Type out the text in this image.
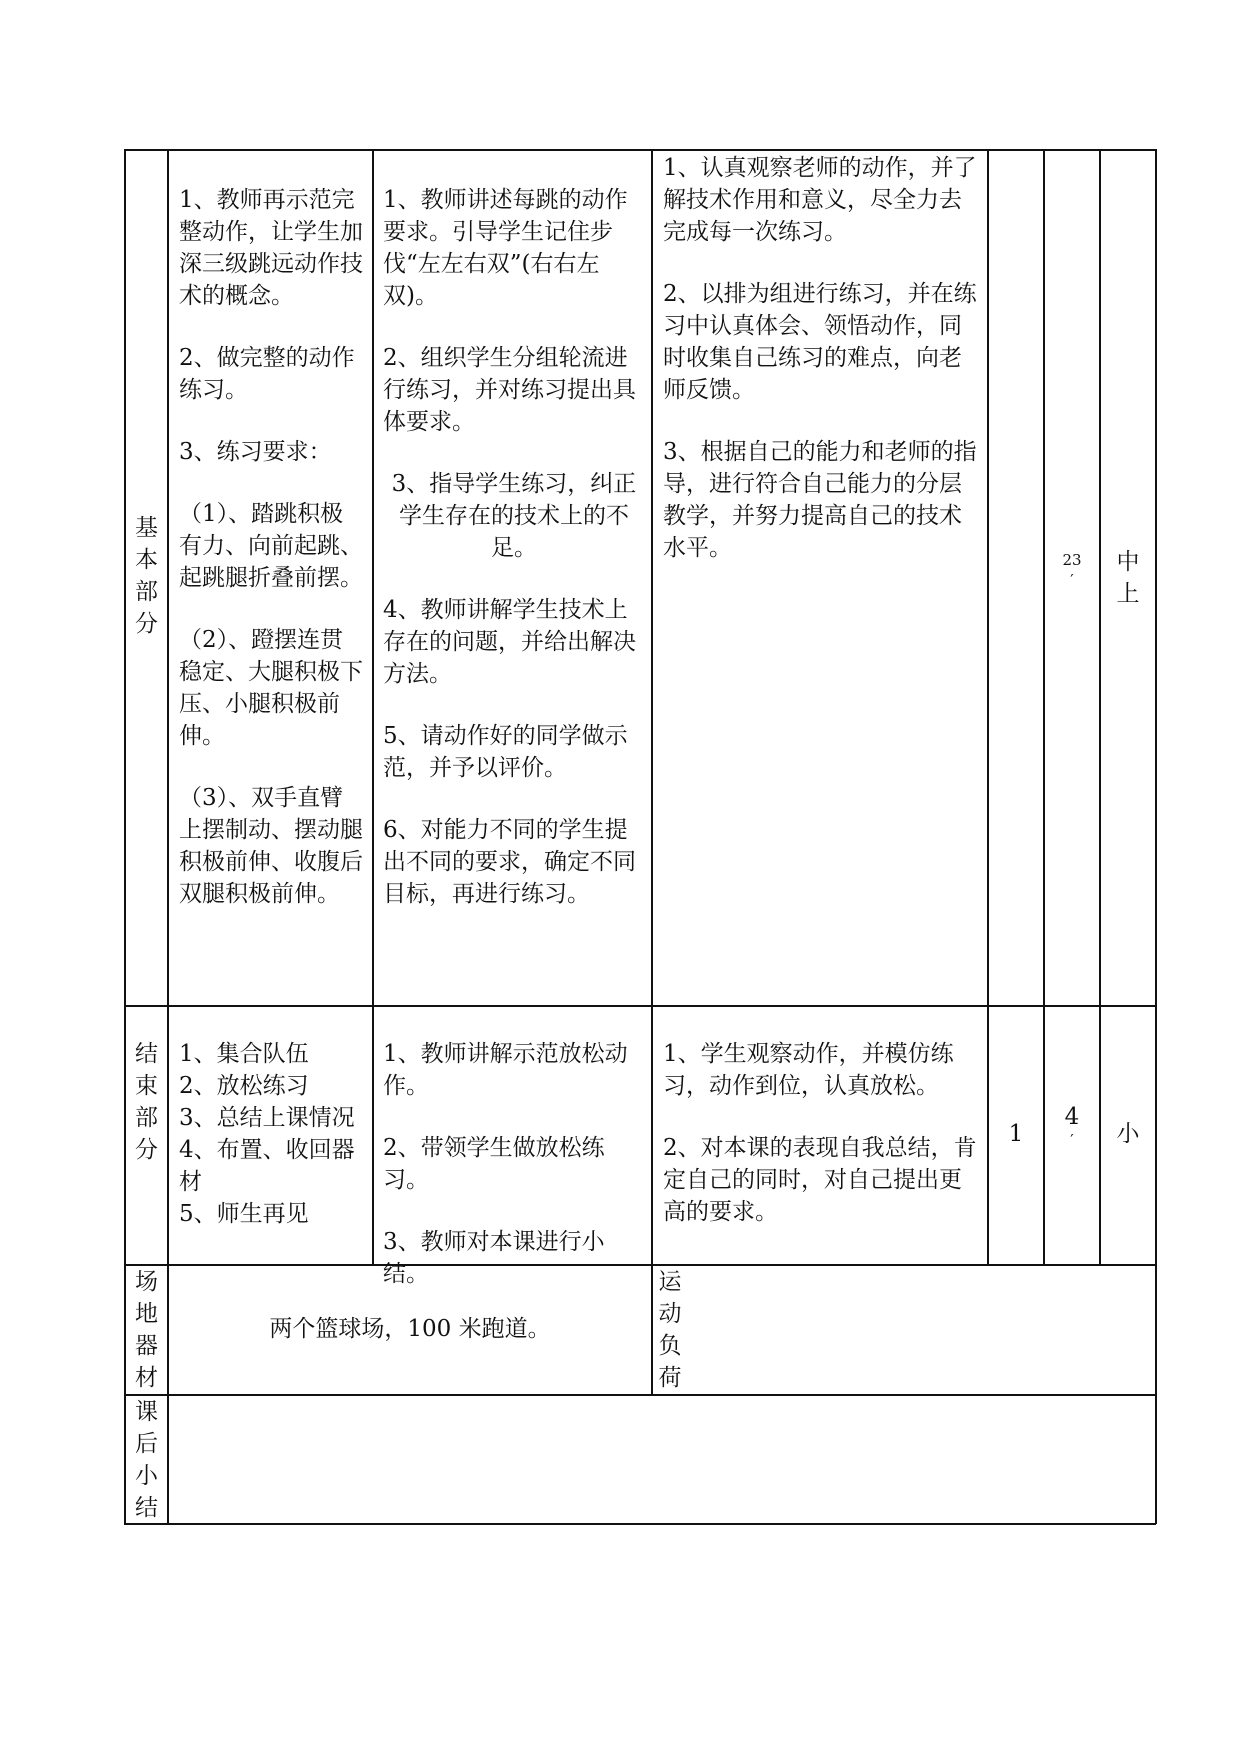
基
本
部
分

1、教师再示范完整动作，让学生加深三级跳远动作技术的概念。

2、做完整的动作练习。

3、练习要求：

（1）、踏跳积极有力、向前起跳、起跳腿折叠前摆。

（2）、蹬摆连贯稳定、大腿积极下压、小腿积极前伸。

（3）、双手直臂上摆制动、摆动腿积极前伸、收腹后双腿积极前伸。

1、教师讲述每跳的动作要求。引导学生记住步伐“左左右双”(右右左双)。

2、组织学生分组轮流进行练习，并对练习提出具体要求。

3、指导学生练习，纠正学生存在的技术上的不足。

4、教师讲解学生技术上存在的问题，并给出解决方法。

5、请动作好的同学做示范，并予以评价。

6、对能力不同的学生提出不同的要求，确定不同目标，再进行练习。

1、认真观察老师的动作，并了解技术作用和意义，尽全力去完成每一次练习。

2、以排为组进行练习，并在练习中认真体会、领悟动作，同时收集自己练习的难点，向老师反馈。

3、根据自己的能力和老师的指导，进行符合自己能力的分层教学，并努力提高自己的技术水平。	23
′
中
上
结
束
部
分

1、集合队伍

2、放松练习

3、总结上课情况

4、布置、收回器材

5、师生再见

1、教师讲解示范放松动作。

2、带领学生做放松练习。

3、教师对本课进行小结。

1、学生观察动作，并模仿练习，动作到位，认真放松。

2、对本课的表现自我总结，肯定自己的同时，对自己提出更高的要求。

1
4
′	小
场
地
器
材
两个篮球场，100 米跑道。
运
动
负
荷
课
后
小
结
